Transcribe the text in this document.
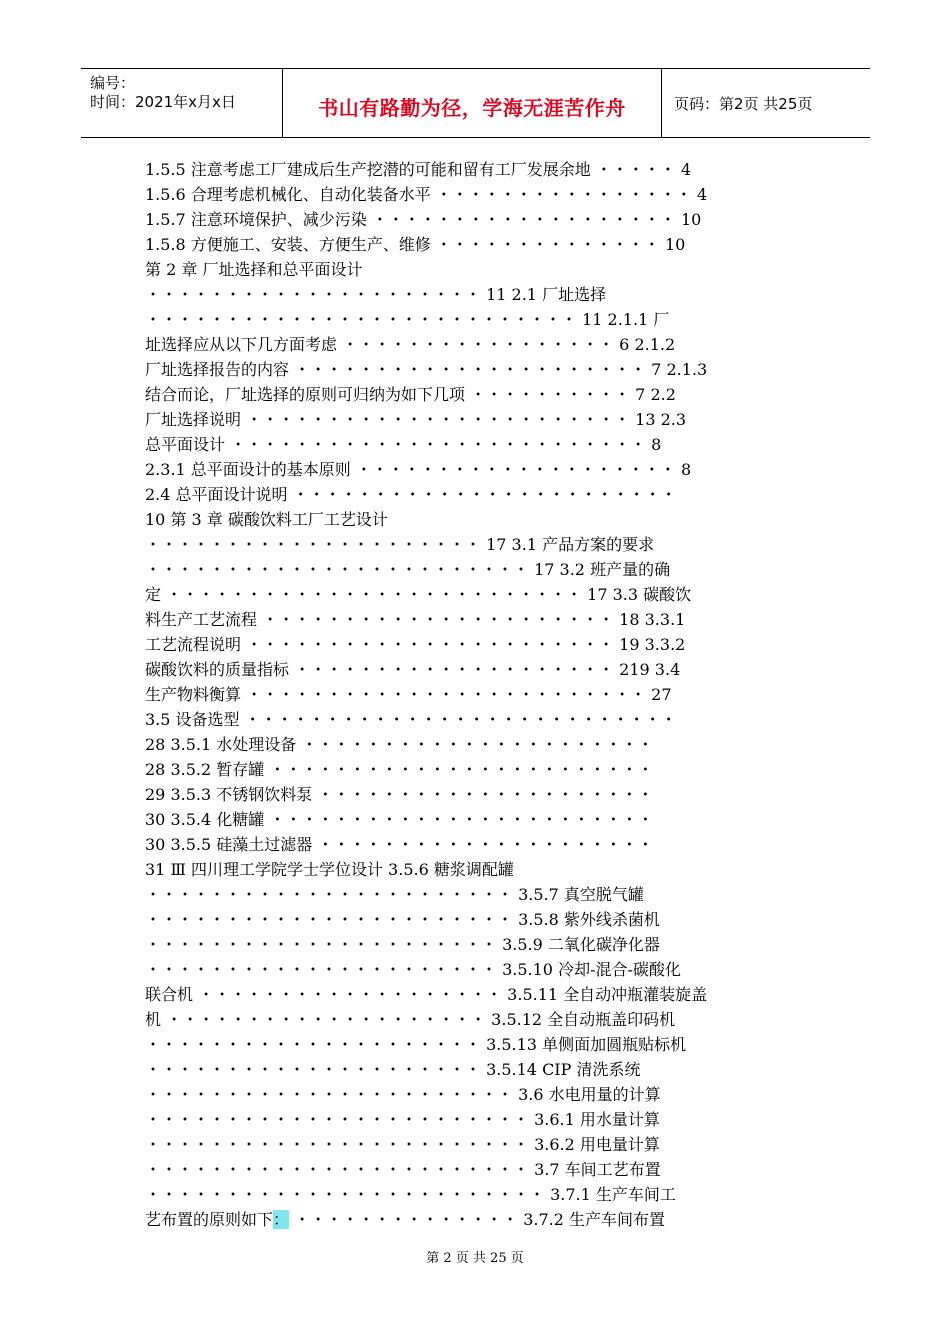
编号：
时间：2021年x月x日	书山有路勤为径，学海无涯苦作舟	页码：第2页 共25页
1.5.5 注意考虑工厂建成后生产挖潜的可能和留有工厂发展余地 ・・・・・ 4
1.5.6 合理考虑机械化、自动化装备水平 ・・・・・・・・・・・・・・・・ 4
1.5.7 注意环境保护、减少污染 ・・・・・・・・・・・・・・・・・・・ 10
1.5.8 方便施工、安装、方便生产、维修 ・・・・・・・・・・・・・・ 10
第 2 章 厂址选择和总平面设计
・・・・・・・・・・・・・・・・・・・・・ 11 2.1 厂址选择
・・・・・・・・・・・・・・・・・・・・・・・・・・・ 11 2.1.1 厂
址选择应从以下几方面考虑 ・・・・・・・・・・・・・・・・・ 6 2.1.2
厂址选择报告的内容 ・・・・・・・・・・・・・・・・・・・・・・ 7 2.1.3
结合而论，厂址选择的原则可归纳为如下几项 ・・・・・・・・・・ 7 2.2
厂址选择说明 ・・・・・・・・・・・・・・・・・・・・・・・・ 13 2.3
总平面设计 ・・・・・・・・・・・・・・・・・・・・・・・・・・ 8
2.3.1 总平面设计的基本原则 ・・・・・・・・・・・・・・・・・・・・ 8
2.4 总平面设计说明 ・・・・・・・・・・・・・・・・・・・・・・・・
10 第 3 章 碳酸饮料工厂工艺设计
・・・・・・・・・・・・・・・・・・・・・ 17 3.1 产品方案的要求
・・・・・・・・・・・・・・・・・・・・・・・・ 17 3.2 班产量的确
定 ・・・・・・・・・・・・・・・・・・・・・・・・・・ 17 3.3 碳酸饮
料生产工艺流程 ・・・・・・・・・・・・・・・・・・・・・・ 18 3.3.1
工艺流程说明 ・・・・・・・・・・・・・・・・・・・・・・・ 19 3.3.2
碳酸饮料的质量指标 ・・・・・・・・・・・・・・・・・・・・ 219 3.4
生产物料衡算 ・・・・・・・・・・・・・・・・・・・・・・・・・ 27
3.5 设备选型 ・・・・・・・・・・・・・・・・・・・・・・・・・・・
28 3.5.1 水处理设备 ・・・・・・・・・・・・・・・・・・・・・・
28 3.5.2 暂存罐 ・・・・・・・・・・・・・・・・・・・・・・・・
29 3.5.3 不锈钢饮料泵 ・・・・・・・・・・・・・・・・・・・・・
30 3.5.4 化糖罐 ・・・・・・・・・・・・・・・・・・・・・・・・
30 3.5.5 硅藻土过滤器 ・・・・・・・・・・・・・・・・・・・・・
31 Ⅲ 四川理工学院学士学位设计 3.5.6 糖浆调配罐
・・・・・・・・・・・・・・・・・・・・・・・ 3.5.7 真空脱气罐
・・・・・・・・・・・・・・・・・・・・・・・ 3.5.8 紫外线杀菌机
・・・・・・・・・・・・・・・・・・・・・・ 3.5.9 二氧化碳净化器
・・・・・・・・・・・・・・・・・・・・・・ 3.5.10 冷却-混合-碳酸化
联合机 ・・・・・・・・・・・・・・・・・・・ 3.5.11 全自动冲瓶灌装旋盖
机 ・・・・・・・・・・・・・・・・・・・・ 3.5.12 全自动瓶盖印码机
・・・・・・・・・・・・・・・・・・・・・ 3.5.13 单侧面加圆瓶贴标机
・・・・・・・・・・・・・・・・・・・・・ 3.5.14 CIP 清洗系统
・・・・・・・・・・・・・・・・・・・・・・・ 3.6 水电用量的计算
・・・・・・・・・・・・・・・・・・・・・・・・ 3.6.1 用水量计算
・・・・・・・・・・・・・・・・・・・・・・・・ 3.6.2 用电量计算
・・・・・・・・・・・・・・・・・・・・・・・・ 3.7 车间工艺布置
・・・・・・・・・・・・・・・・・・・・・・・・・ 3.7.1 生产车间工
艺布置的原则如下： ・・・・・・・・・・・・・・ 3.7.2 生产车间布置
第 2 页 共 25 页
